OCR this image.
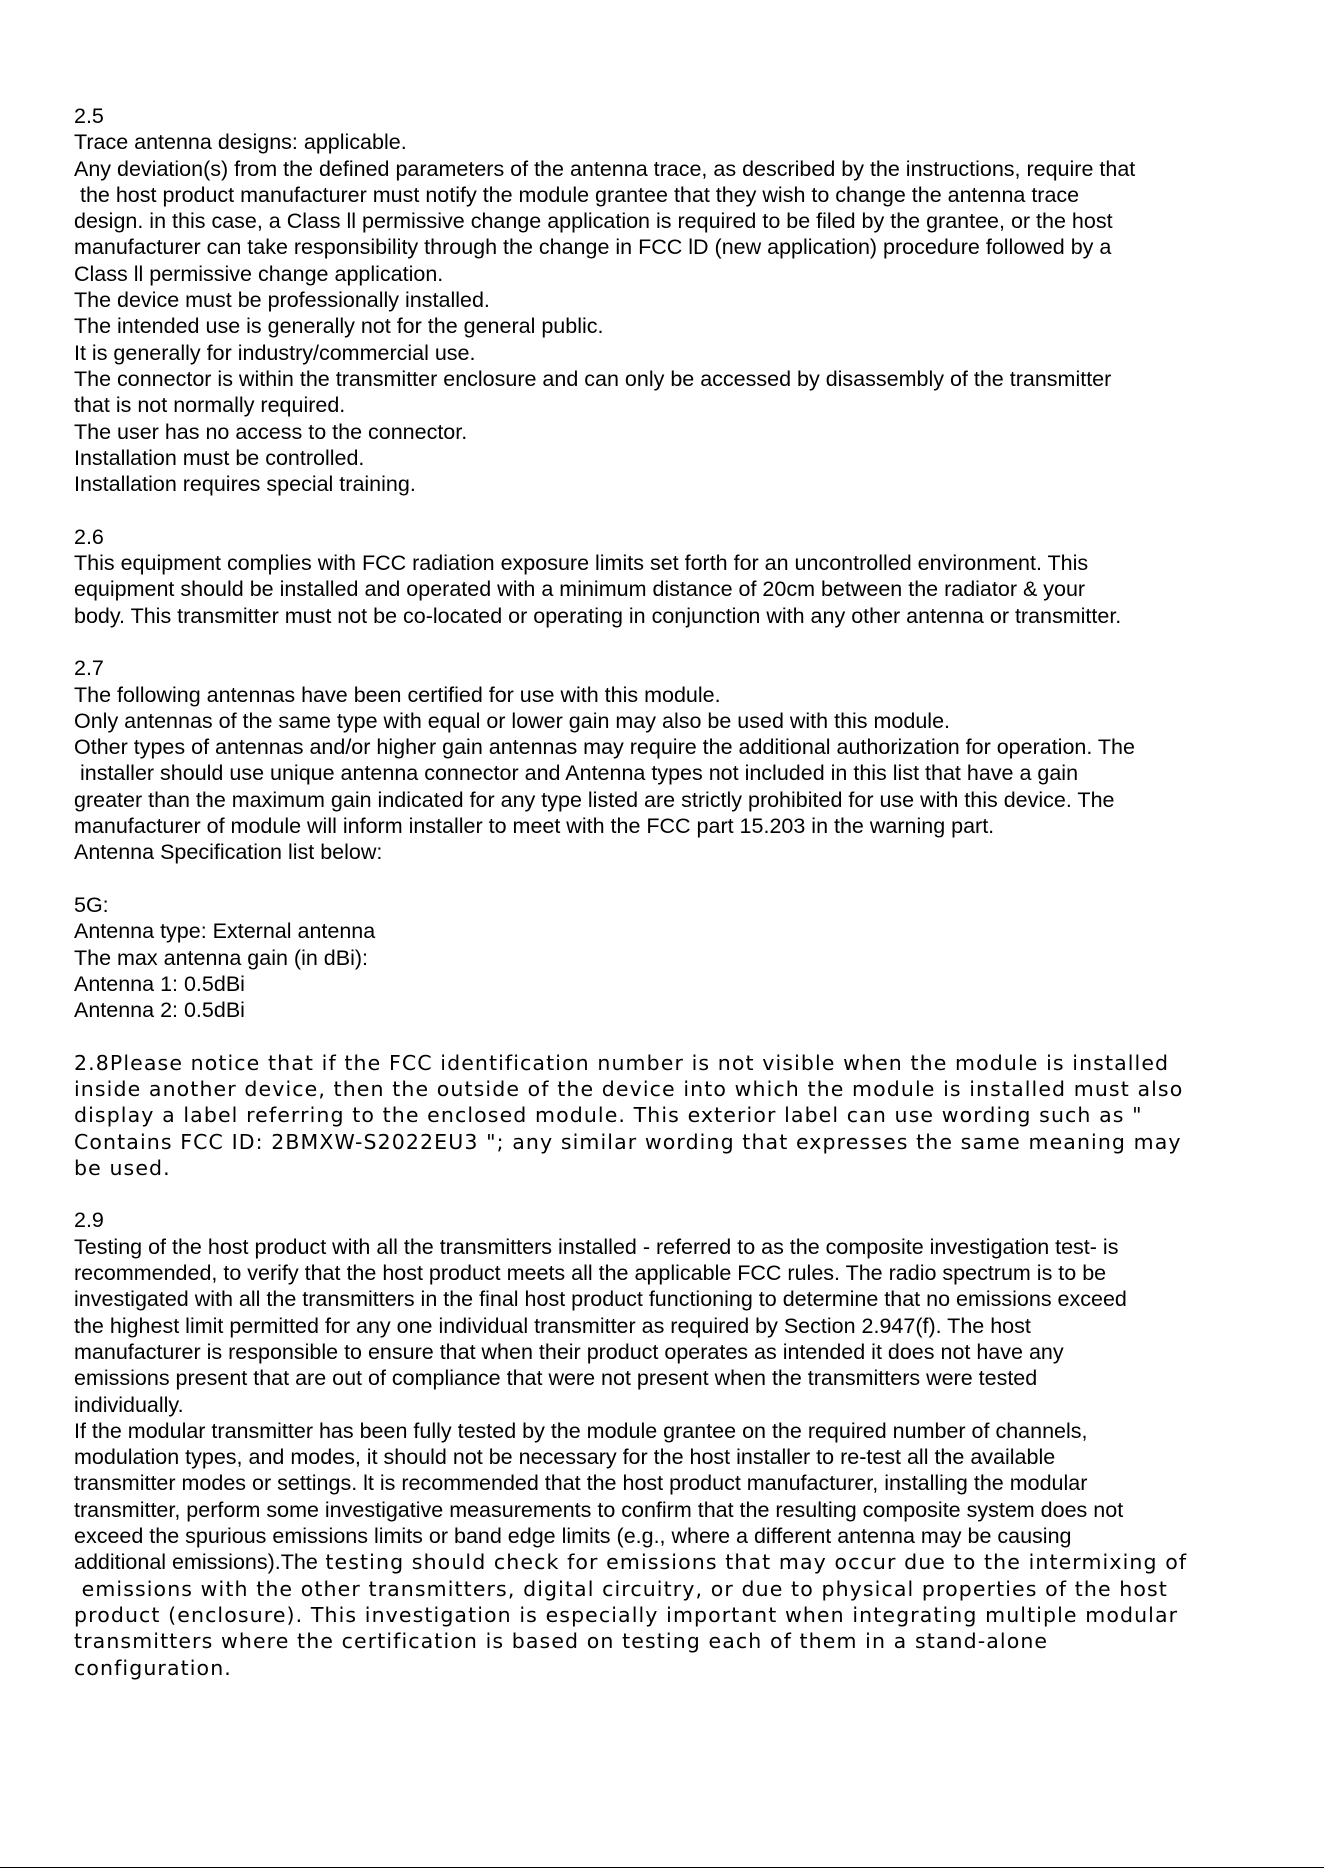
2.5
Trace antenna designs: applicable.
Any deviation(s) from the defined parameters of the antenna trace, as described by the instructions, require that
the host product manufacturer must notify the module grantee that they wish to change the antenna trace
design. in this case, a Class ll permissive change application is required to be filed by the grantee, or the host
manufacturer can take responsibility through the change in FCC lD (new application) procedure followed by a
Class ll permissive change application.
The device must be professionally installed.
The intended use is generally not for the general public.
It is generally for industry/commercial use.
The connector is within the transmitter enclosure and can only be accessed by disassembly of the transmitter
that is not normally required.
The user has no access to the connector.
Installation must be controlled.
Installation requires special training.
2.6
This equipment complies with FCC radiation exposure limits set forth for an uncontrolled environment. This
equipment should be installed and operated with a minimum distance of 20cm between the radiator & your
body. This transmitter must not be co-located or operating in conjunction with any other antenna or transmitter.
2.7
The following antennas have been certified for use with this module.
Only antennas of the same type with equal or lower gain may also be used with this module.
Other types of antennas and/or higher gain antennas may require the additional authorization for operation. The
installer should use unique antenna connector and Antenna types not included in this list that have a gain
greater than the maximum gain indicated for any type listed are strictly prohibited for use with this device. The
manufacturer of module will inform installer to meet with the FCC part 15.203 in the warning part.
Antenna Specification list below:
5G:
Antenna type: External antenna
The max antenna gain (in dBi):
Antenna 1: 0.5dBi
Antenna 2: 0.5dBi
2.8Please notice that if the FCC identification number is not visible when the module is installed
inside another device, then the outside of the device into which the module is installed must also
display a label referring to the enclosed module. This exterior label can use wording such as "
Contains FCC ID: 2BMXW-S2022EU3 "; any similar wording that expresses the same meaning may
be used.
2.9
Testing of the host product with all the transmitters installed - referred to as the composite investigation test- is
recommended, to verify that the host product meets all the applicable FCC rules. The radio spectrum is to be
investigated with all the transmitters in the final host product functioning to determine that no emissions exceed
the highest limit permitted for any one individual transmitter as required by Section 2.947(f). The host
manufacturer is responsible to ensure that when their product operates as intended it does not have any
emissions present that are out of compliance that were not present when the transmitters were tested
individually.
If the modular transmitter has been fully tested by the module grantee on the required number of channels,
modulation types, and modes, it should not be necessary for the host installer to re-test all the available
transmitter modes or settings. lt is recommended that the host product manufacturer, installing the modular
transmitter, perform some investigative measurements to confirm that the resulting composite system does not
exceed the spurious emissions limits or band edge limits (e.g., where a different antenna may be causing
additional emissions).The testing should check for emissions that may occur due to the intermixing of
emissions with the other transmitters, digital circuitry, or due to physical properties of the host
product (enclosure). This investigation is especially important when integrating multiple modular
transmitters where the certification is based on testing each of them in a stand-alone
configuration.
